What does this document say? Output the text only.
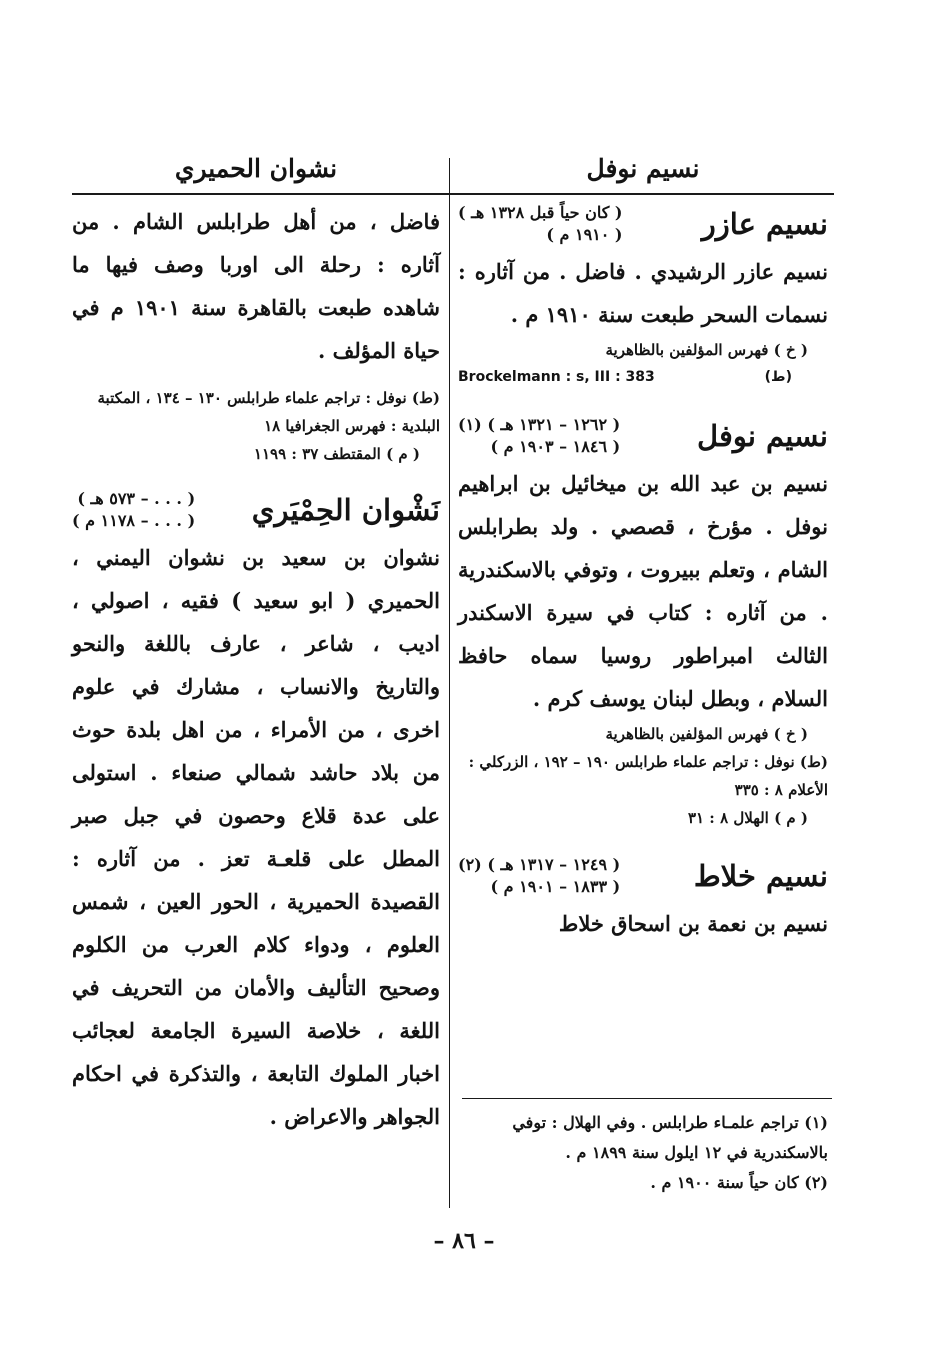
نسيم نوفل
نسيم عازر
( كان حياً قبل ١٣٢٨ هـ )
( ١٩١٠ م )
نسيم عازر الرشيدي . فاضل . من آثاره : نسمات السحر طبعت سنة ١٩١٠ م .
( خ ) فهرس المؤلفين بالظاهرية
Brockelmann : s, III : 383	(ط)
نسيم نوفل
( ١٢٦٢ – ١٣٢١ هـ ) (١)
( ١٨٤٦ – ١٩٠٣ م )
نسيم بن عبد الله بن ميخائيل بن ابراهيم نوفل . مؤرخ ، قصصي . ولد بطرابلس الشام ، وتعلم ببيروت ، وتوفي بالاسكندرية . من آثاره : كتاب في سيرة الاسكندر الثالث امبراطور روسيا سماه حافظ السلام ، وبطل لبنان يوسف كرم .
( خ ) فهرس المؤلفين بالظاهرية
(ط) نوفل : تراجم علماء طرابلس ١٩٠ – ١٩٢ ، الزركلي : الأعلام ٨ : ٣٣٥
( م ) الهلال ٨ : ٣١
نسيم خلاط
( ١٢٤٩ – ١٣١٧ هـ ) (٢)
( ١٨٣٣ – ١٩٠١ م )
نسيم بن نعمة بن اسحاق خلاط
(١) تراجم علمـاء طرابلس . وفي الهلال : توفي بالاسكندرية في ١٢ ايلول سنة ١٨٩٩ م .
(٢) كان حياً سنة ١٩٠٠ م .
نشوان الحميري
فاضل ، من أهل طرابلس الشام . من آثاره : رحلة الى اوربا وصف فيها ما شاهده طبعت بالقاهرة سنة ١٩٠١ م في حياة المؤلف .
(ط) نوفل : تراجم علماء طرابلس ١٣٠ – ١٣٤ ، المكتبة البلدية : فهرس الجغرافيا ١٨
( م ) المقتطف ٣٧ : ١١٩٩
نَشْوان الحِمْيَري
( . . . – ٥٧٣ هـ )
( . . . – ١١٧٨ م )
نشوان بن سعيد بن نشوان اليمني ، الحميري ( ابو سعيد ) فقيه ، اصولي ، اديب ، شاعر ، عارف باللغة والنحو والتاريخ والانساب ، مشارك في علوم اخرى ، من الأمراء ، من اهل بلدة حوث من بلاد حاشد شمالي صنعاء . استولى على عدة قلاع وحصون في جبل صبر المطل على قلعـة تعز . من آثاره : القصيدة الحميرية ، الحور العين ، شمس العلوم ، ودواء كلام العرب من الكلوم وصحيح التأليف والأمان من التحريف في اللغة ، خلاصة السيرة الجامعة لعجائب اخبار الملوك التابعة ، والتذكرة في احكام الجواهر والاعراض .
– ٨٦ –
